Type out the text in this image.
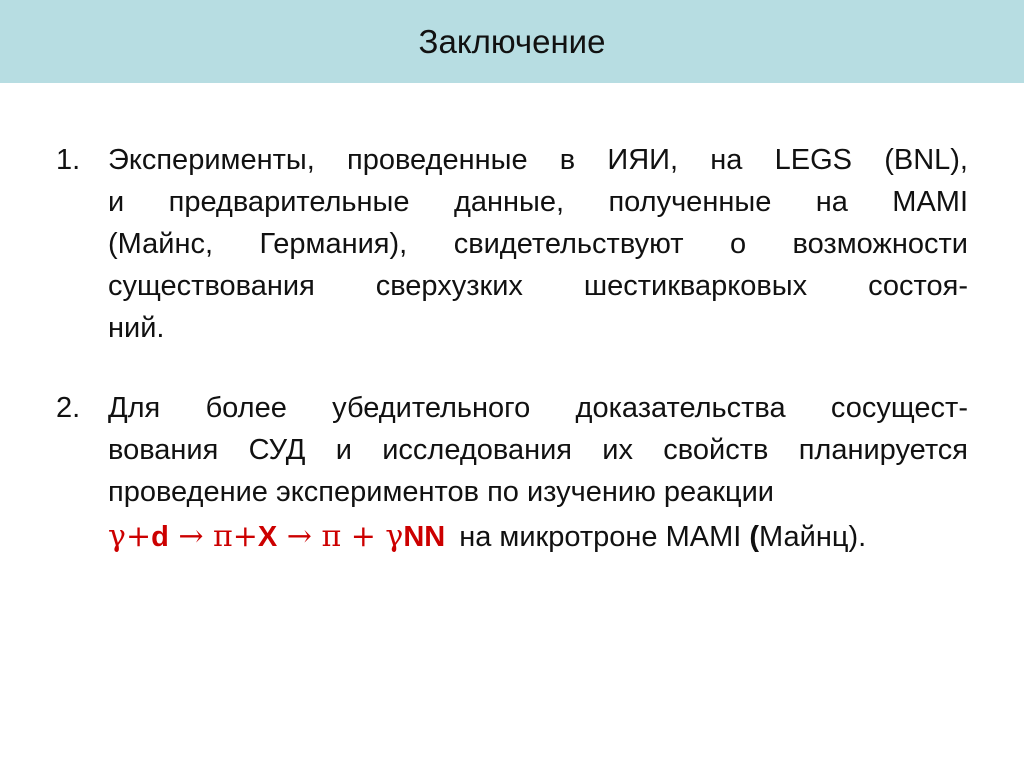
Заключение
1. Эксперименты, проведенные в ИЯИ, на LEGS (BNL),
и предварительные данные, полученные на MAMI
(Майнс, Германия), свидетельствуют о возможности
существования сверхузких шестикварковых состоя-
ний.
2. Для более убедительного доказательства сосущест-
вования СУД и исследования их свойств планируется
проведение экспериментов по изучению реакции
γ+d → π+X → π + γNN на микротроне MAMI (Майнц).
